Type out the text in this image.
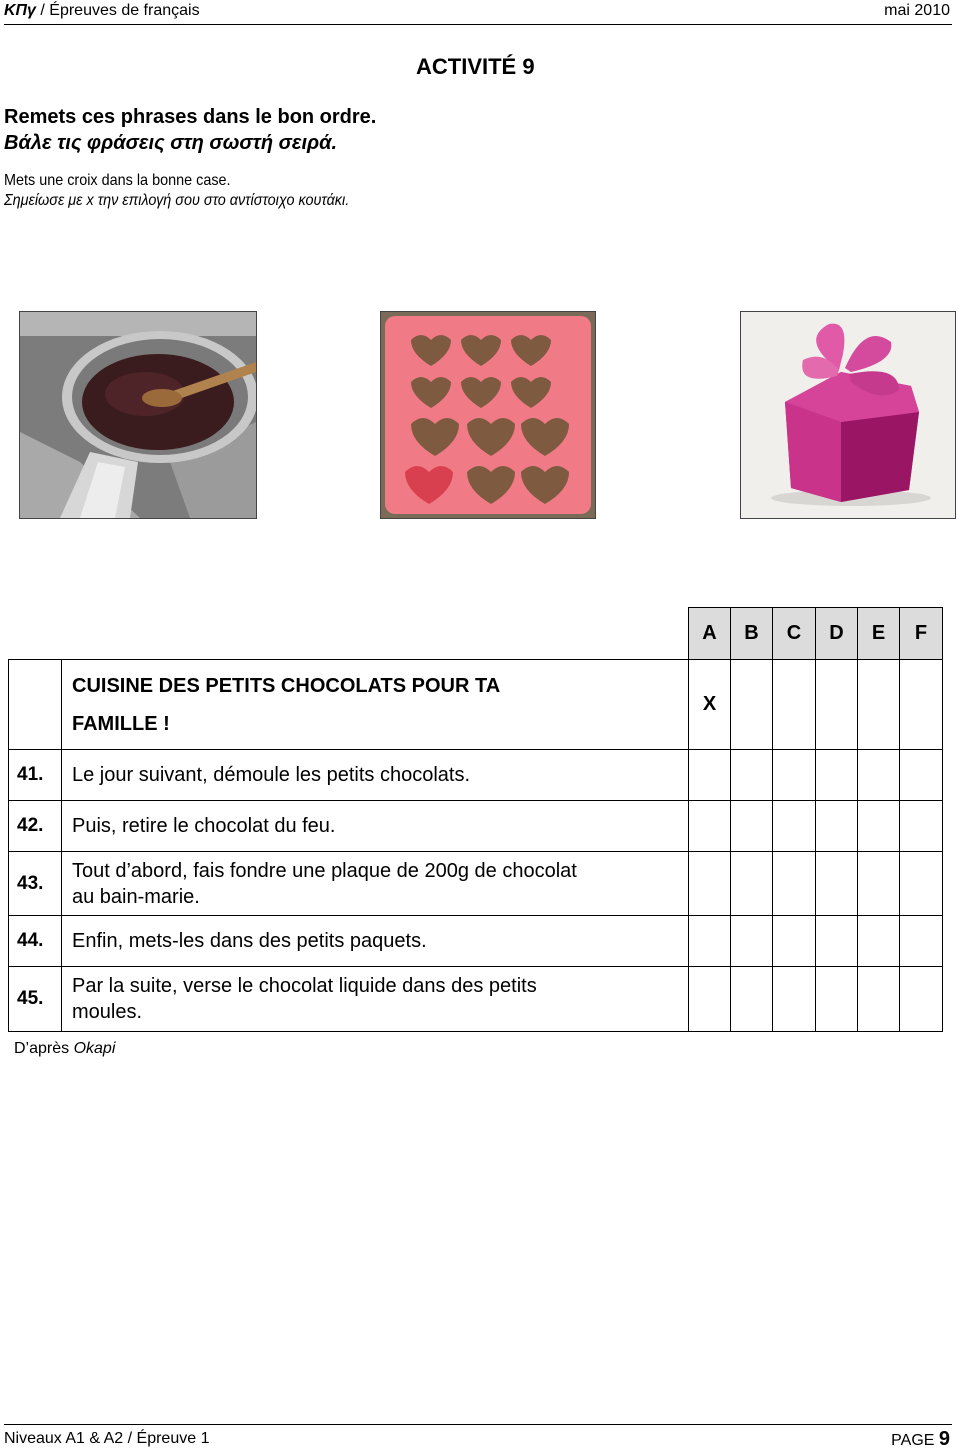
ΚΠγ / Épreuves de français	mai 2010
ACTIVITÉ 9
Remets ces phrases dans le bon ordre.
Βάλε τις φράσεις στη σωστή σειρά.
Mets une croix dans la bonne case.
Σημείωσε με x την επιλογή σου στο αντίστοιχο κουτάκι.
		A	B	C	D	E	F

	CUISINE DES PETITS CHOCOLATS POUR TA
FAMILLE !	X					
41.	Le jour suivant, démoule les petits chocolats.						
42.	Puis, retire le chocolat du feu.						
43.	Tout d’abord, fais fondre une plaque de 200g de chocolat
au bain-marie.						

44.	Enfin, mets-les dans des petits paquets.						
45.	Par la suite, verse le chocolat liquide dans des petits
moules.						

D’après Okapi
Niveaux A1 & A2 / Épreuve 1	PAGE 9
